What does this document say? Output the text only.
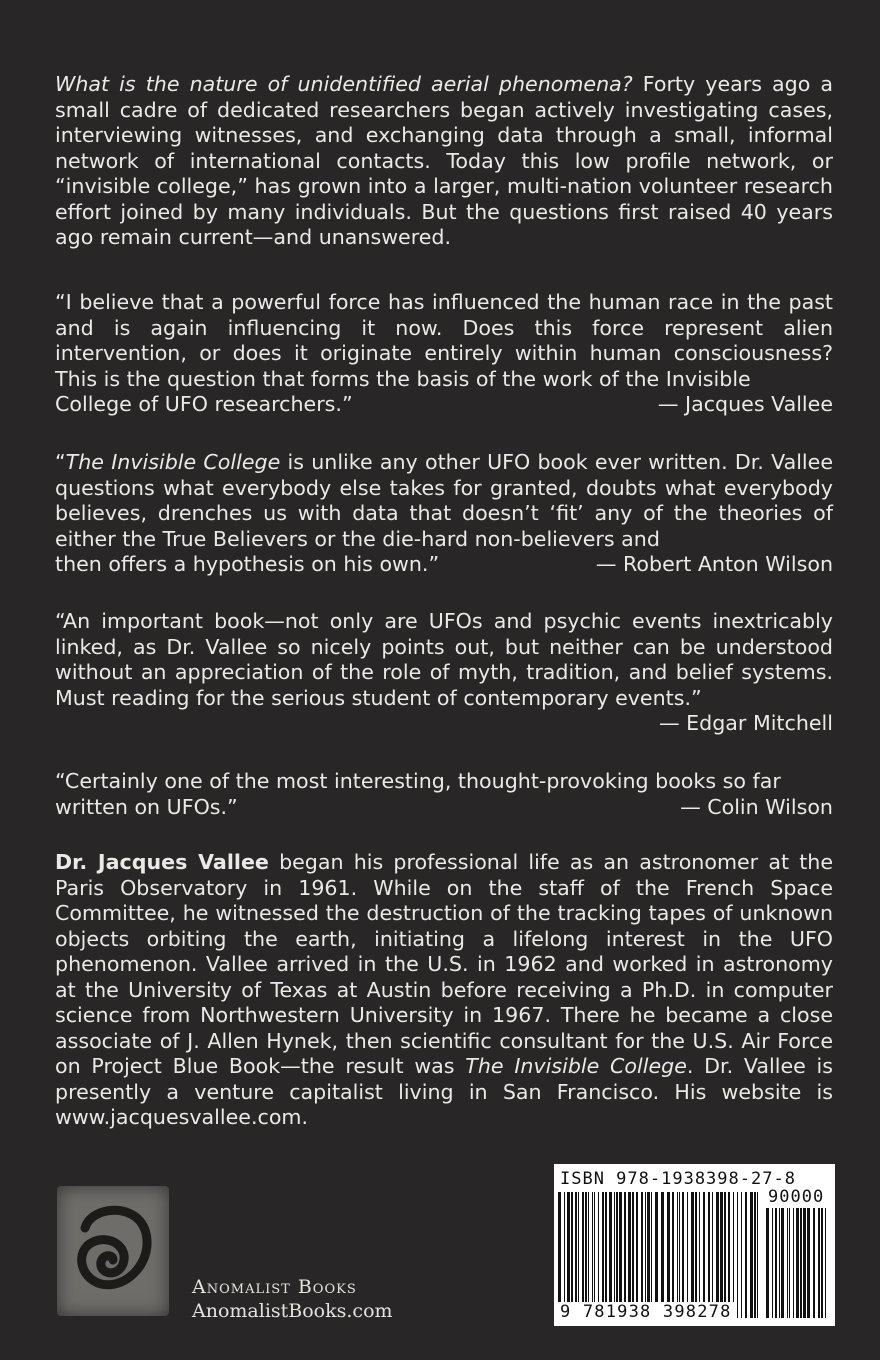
What is the nature of unidentified aerial phenomena? Forty years ago a small cadre of dedicated researchers began actively investigating cases, interviewing witnesses, and exchanging data through a small, informal network of international contacts. Today this low profile network, or “invisible college,” has grown into a larger, multi-nation volunteer research effort joined by many individuals. But the questions first raised 40 years ago remain current—and unanswered.

“I believe that a powerful force has influenced the human race in the past and is again influencing it now. Does this force represent alien intervention, or does it originate entirely within human consciousness? This is the question that forms the basis of the work of the Invisible

College of UFO researchers.”	— Jacques Vallee

“The Invisible College is unlike any other UFO book ever written. Dr. Vallee questions what everybody else takes for granted, doubts what everybody believes, drenches us with data that doesn’t ‘fit’ any of the theories of either the True Believers or the die-hard non-believers and

then offers a hypothesis on his own.”	— Robert Anton Wilson

“An important book—not only are UFOs and psychic events inextricably linked, as Dr. Vallee so nicely points out, but neither can be understood without an appreciation of the role of myth, tradition, and belief systems. Must reading for the serious student of contemporary events.”

— Edgar Mitchell

“Certainly one of the most interesting, thought-provoking books so far

written on UFOs.”	— Colin Wilson

Dr. Jacques Vallee began his professional life as an astronomer at the Paris Observatory in 1961. While on the staff of the French Space Committee, he witnessed the destruction of the tracking tapes of unknown objects orbiting the earth, initiating a lifelong interest in the UFO phenomenon. Vallee arrived in the U.S. in 1962 and worked in astronomy at the University of Texas at Austin before receiving a Ph.D. in computer science from Northwestern University in 1967. There he became a close associate of J. Allen Hynek, then scientific consultant for the U.S. Air Force on Project Blue Book—the result was The Invisible College. Dr. Vallee is presently a venture capitalist living in San Francisco. His website is www.jacquesvallee.com.

Anomalist Books
AnomalistBooks.com
ISBN 978-1938398-27-8
90000
9 781938 398278
